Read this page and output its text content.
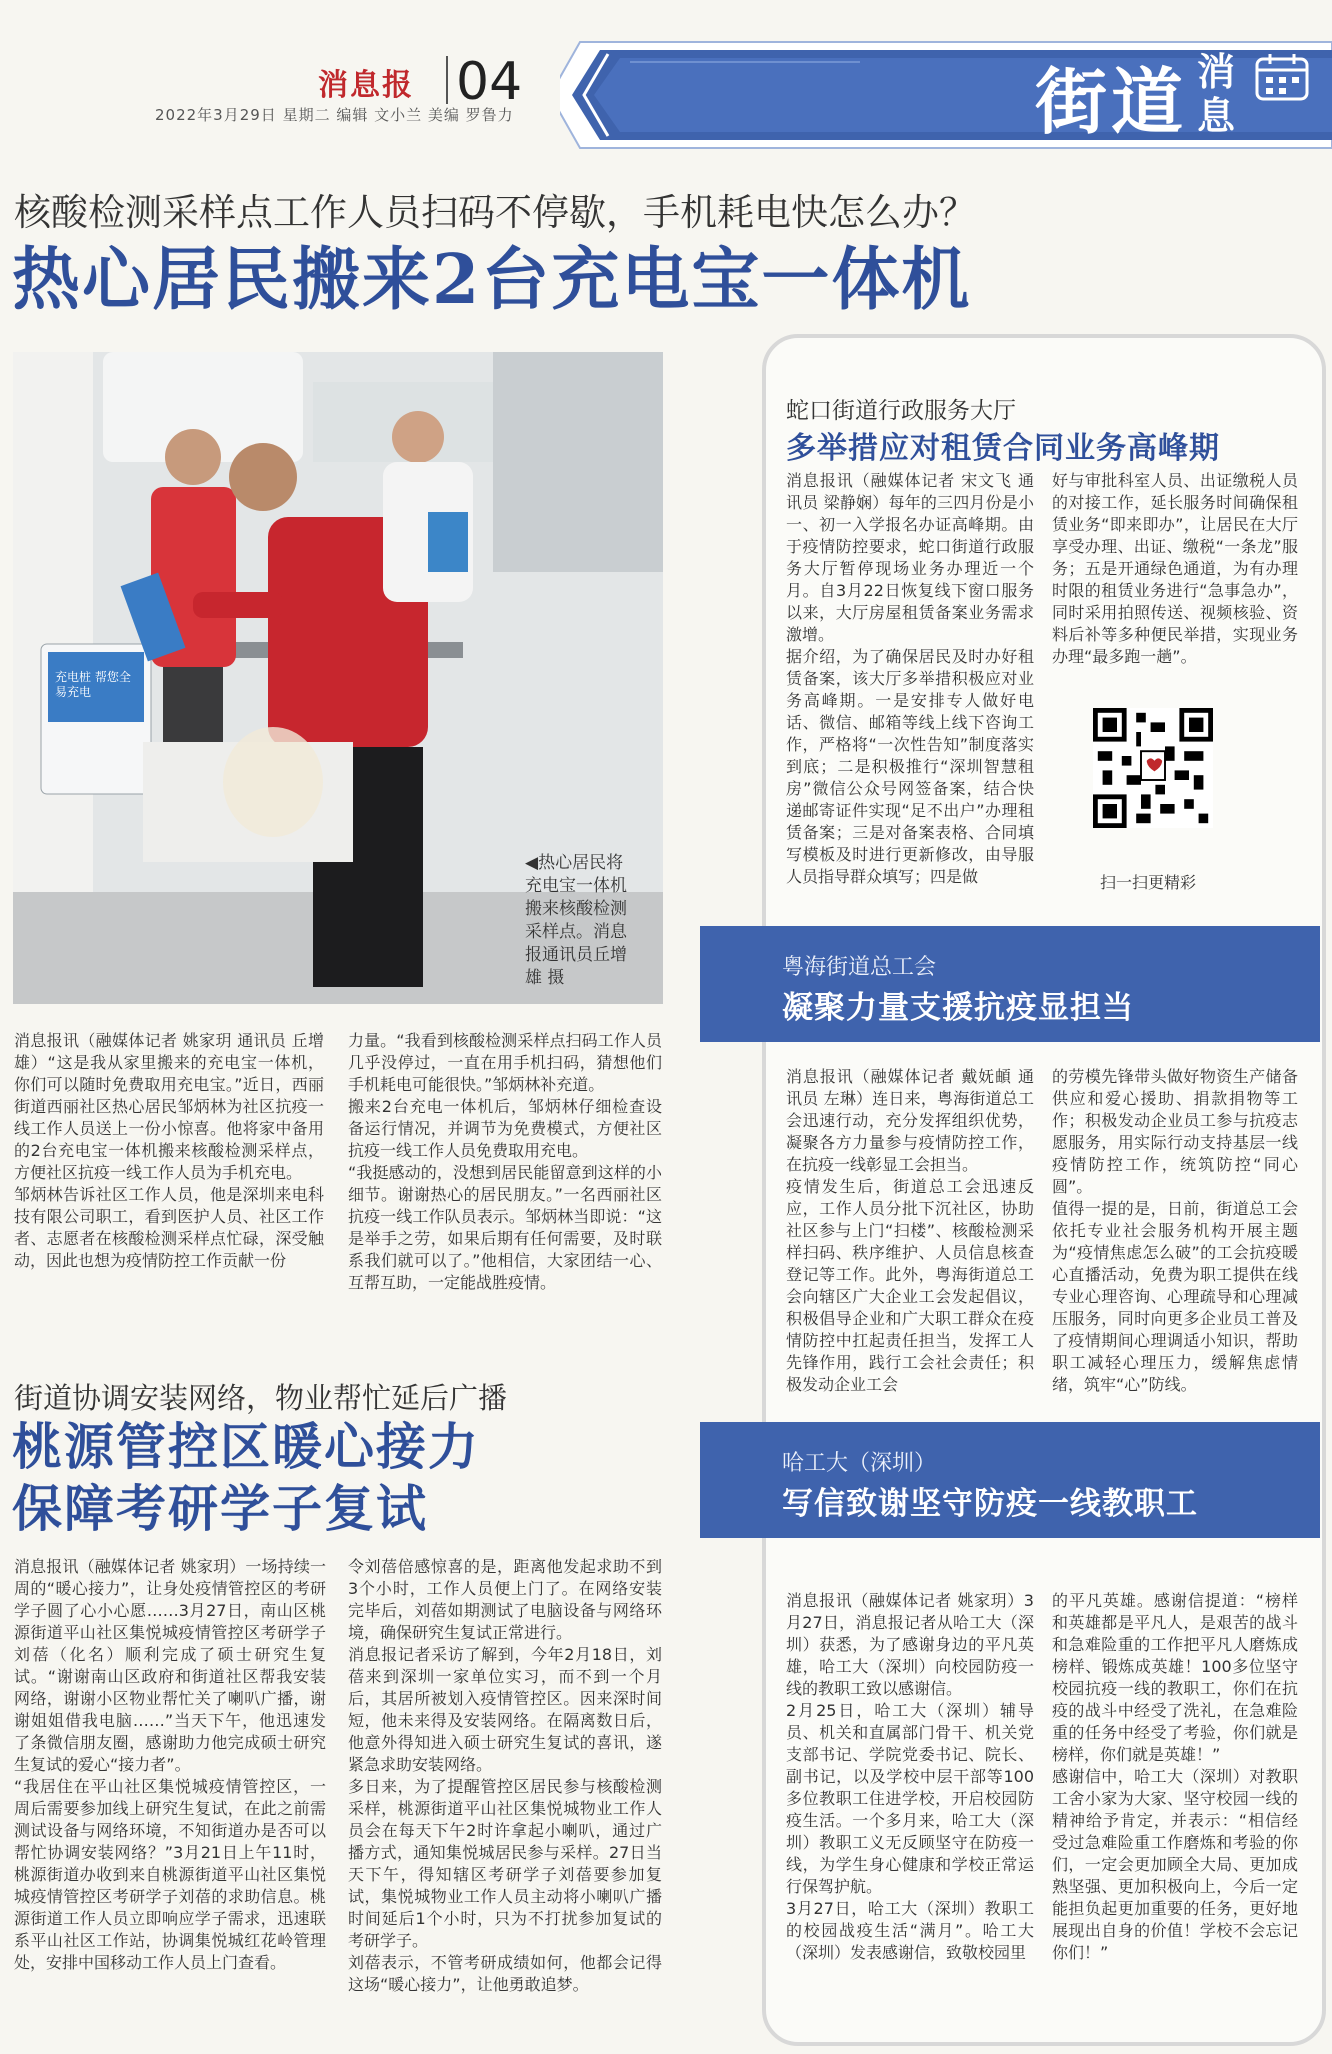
消息报 04
2022年3月29日 星期二 编辑 文小兰 美编 罗鲁力	街道 消息
核酸检测采样点工作人员扫码不停歇，手机耗电快怎么办？
热心居民搬来2台充电宝一体机
充电桩 帮您全 易充电
◀热心居民将充电宝一体机搬来核酸检测采样点。消息报通讯员丘增雄 摄
消息报讯（融媒体记者 姚家玥 通讯员 丘增雄）“这是我从家里搬来的充电宝一体机，你们可以随时免费取用充电宝。”近日，西丽街道西丽社区热心居民邹炳林为社区抗疫一线工作人员送上一份小惊喜。他将家中备用的2台充电宝一体机搬来核酸检测采样点，方便社区抗疫一线工作人员为手机充电。
邹炳林告诉社区工作人员，他是深圳来电科技有限公司职工，看到医护人员、社区工作者、志愿者在核酸检测采样点忙碌，深受触动，因此也想为疫情防控工作贡献一份
力量。“我看到核酸检测采样点扫码工作人员几乎没停过，一直在用手机扫码，猜想他们手机耗电可能很快。”邹炳林补充道。
搬来2台充电一体机后，邹炳林仔细检查设备运行情况，并调节为免费模式，方便社区抗疫一线工作人员免费取用充电。
“我挺感动的，没想到居民能留意到这样的小细节。谢谢热心的居民朋友。”一名西丽社区抗疫一线工作队员表示。邹炳林当即说：“这是举手之劳，如果后期有任何需要，及时联系我们就可以了。”他相信，大家团结一心、互帮互助，一定能战胜疫情。
街道协调安装网络，物业帮忙延后广播
桃源管控区暖心接力
保障考研学子复试
消息报讯（融媒体记者 姚家玥）一场持续一周的“暖心接力”，让身处疫情管控区的考研学子圆了心小心愿……3月27日，南山区桃源街道平山社区集悦城疫情管控区考研学子刘蓓（化名）顺利完成了硕士研究生复试。“谢谢南山区政府和街道社区帮我安装网络，谢谢小区物业帮忙关了喇叭广播，谢谢姐姐借我电脑……”当天下午，他迅速发了条微信朋友圈，感谢助力他完成硕士研究生复试的爱心“接力者”。
“我居住在平山社区集悦城疫情管控区，一周后需要参加线上研究生复试，在此之前需测试设备与网络环境，不知街道办是否可以帮忙协调安装网络？”3月21日上午11时，桃源街道办收到来自桃源街道平山社区集悦城疫情管控区考研学子刘蓓的求助信息。桃源街道工作人员立即响应学子需求，迅速联系平山社区工作站，协调集悦城红花岭管理处，安排中国移动工作人员上门查看。
令刘蓓倍感惊喜的是，距离他发起求助不到3个小时，工作人员便上门了。在网络安装完毕后，刘蓓如期测试了电脑设备与网络环境，确保研究生复试正常进行。
消息报记者采访了解到，今年2月18日，刘蓓来到深圳一家单位实习，而不到一个月后，其居所被划入疫情管控区。因来深时间短，他未来得及安装网络。在隔离数日后，他意外得知进入硕士研究生复试的喜讯，遂紧急求助安装网络。
多日来，为了提醒管控区居民参与核酸检测采样，桃源街道平山社区集悦城物业工作人员会在每天下午2时许拿起小喇叭，通过广播方式，通知集悦城居民参与采样。27日当天下午，得知辖区考研学子刘蓓要参加复试，集悦城物业工作人员主动将小喇叭广播时间延后1个小时，只为不打扰参加复试的考研学子。
刘蓓表示，不管考研成绩如何，他都会记得这场“暖心接力”，让他勇敢追梦。
蛇口街道行政服务大厅
多举措应对租赁合同业务高峰期
消息报讯（融媒体记者 宋文飞 通讯员 梁静娴）每年的三四月份是小一、初一入学报名办证高峰期。由于疫情防控要求，蛇口街道行政服务大厅暂停现场业务办理近一个月。自3月22日恢复线下窗口服务以来，大厅房屋租赁备案业务需求激增。
据介绍，为了确保居民及时办好租赁备案，该大厅多举措积极应对业务高峰期。一是安排专人做好电话、微信、邮箱等线上线下咨询工作，严格将“一次性告知”制度落实到底；二是积极推行“深圳智慧租房”微信公众号网签备案，结合快递邮寄证件实现“足不出户”办理租赁备案；三是对备案表格、合同填写模板及时进行更新修改，由导服人员指导群众填写；四是做
好与审批科室人员、出证缴税人员的对接工作，延长服务时间确保租赁业务“即来即办”，让居民在大厅享受办理、出证、缴税“一条龙”服务；五是开通绿色通道，为有办理时限的租赁业务进行“急事急办”，同时采用拍照传送、视频核验、资料后补等多种便民举措，实现业务办理“最多跑一趟”。
扫一扫更精彩
粤海街道总工会
凝聚力量支援抗疫显担当
消息报讯（融媒体记者 戴妩頔 通讯员 左琳）连日来，粤海街道总工会迅速行动，充分发挥组织优势，凝聚各方力量参与疫情防控工作，在抗疫一线彰显工会担当。
疫情发生后，街道总工会迅速反应，工作人员分批下沉社区，协助社区参与上门“扫楼”、核酸检测采样扫码、秩序维护、人员信息核查登记等工作。此外，粤海街道总工会向辖区广大企业工会发起倡议，积极倡导企业和广大职工群众在疫情防控中扛起责任担当，发挥工人先锋作用，践行工会社会责任；积极发动企业工会
的劳模先锋带头做好物资生产储备供应和爱心援助、捐款捐物等工作；积极发动企业员工参与抗疫志愿服务，用实际行动支持基层一线疫情防控工作，统筑防控“同心圆”。
值得一提的是，日前，街道总工会依托专业社会服务机构开展主题为“疫情焦虑怎么破”的工会抗疫暖心直播活动，免费为职工提供在线专业心理咨询、心理疏导和心理减压服务，同时向更多企业员工普及了疫情期间心理调适小知识，帮助职工减轻心理压力，缓解焦虑情绪，筑牢“心”防线。
哈工大（深圳）
写信致谢坚守防疫一线教职工
消息报讯（融媒体记者 姚家玥）3月27日，消息报记者从哈工大（深圳）获悉，为了感谢身边的平凡英雄，哈工大（深圳）向校园防疫一线的教职工致以感谢信。
2月25日，哈工大（深圳）辅导员、机关和直属部门骨干、机关党支部书记、学院党委书记、院长、副书记，以及学校中层干部等100多位教职工住进学校，开启校园防疫生活。一个多月来，哈工大（深圳）教职工义无反顾坚守在防疫一线，为学生身心健康和学校正常运行保驾护航。
3月27日，哈工大（深圳）教职工的校园战疫生活“满月”。哈工大（深圳）发表感谢信，致敬校园里
的平凡英雄。感谢信提道：“榜样和英雄都是平凡人，是艰苦的战斗和急难险重的工作把平凡人磨炼成榜样、锻炼成英雄！100多位坚守校园抗疫一线的教职工，你们在抗疫的战斗中经受了洗礼，在急难险重的任务中经受了考验，你们就是榜样，你们就是英雄！”
感谢信中，哈工大（深圳）对教职工舍小家为大家、坚守校园一线的精神给予肯定，并表示：“相信经受过急难险重工作磨炼和考验的你们，一定会更加顾全大局、更加成熟坚强、更加积极向上，今后一定能担负起更加重要的任务，更好地展现出自身的价值！学校不会忘记你们！”
